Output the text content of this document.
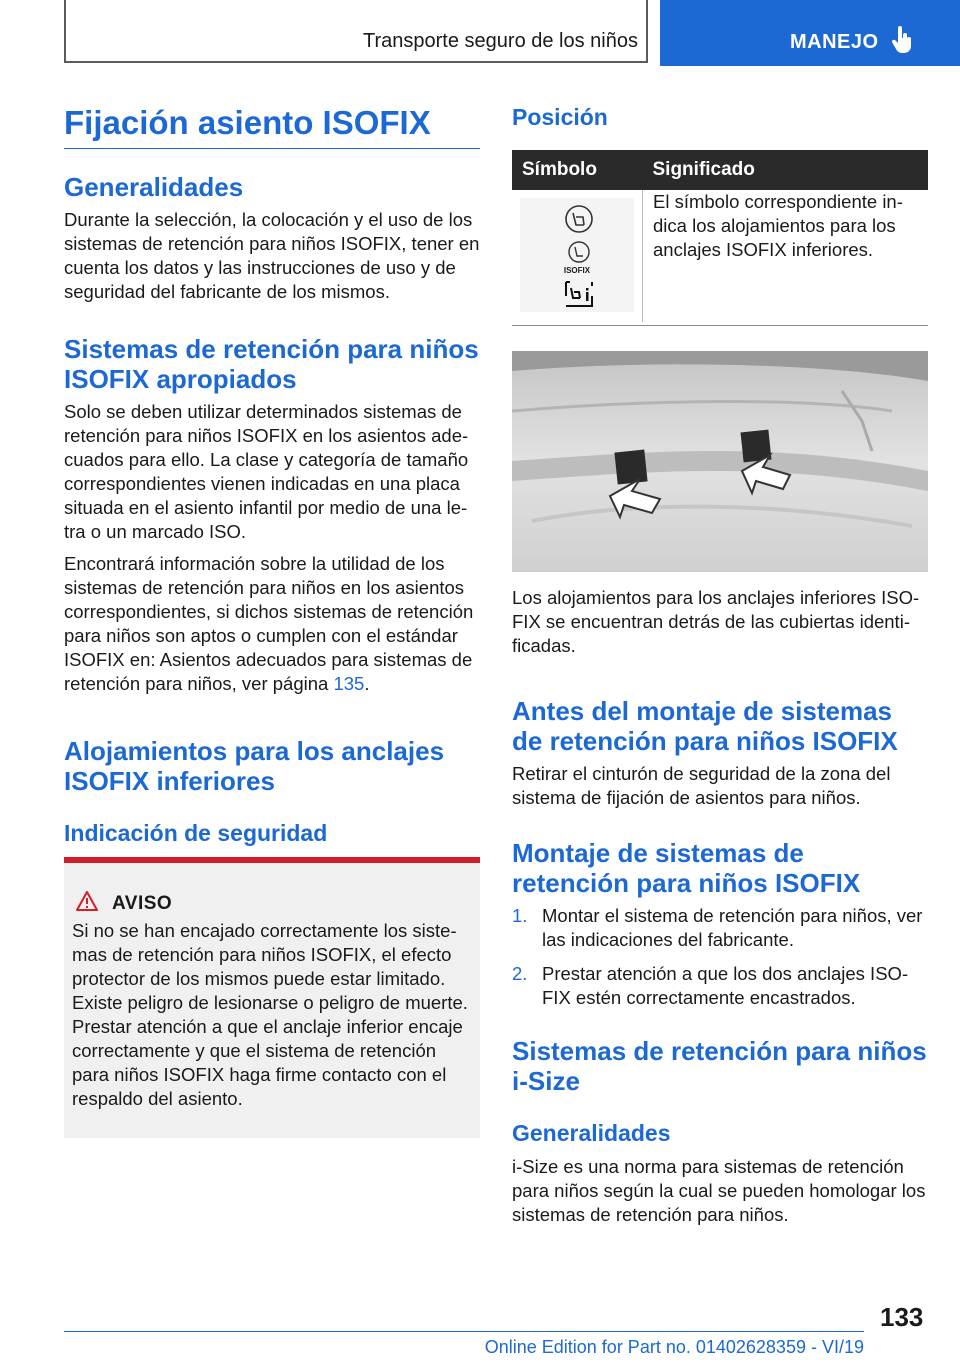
Transporte seguro de los niños	MANEJO
Fijación asiento ISOFIX

Generalidades

Durante la selección, la colocación y el uso de los sistemas de retención para niños ISOFIX, tener en cuenta los datos y las instrucciones de uso y de seguridad del fabricante de los mismos.

Sistemas de retención para niños ISOFIX apropiados

Solo se deben utilizar determinados sistemas de retención para niños ISOFIX en los asientos adecuados para ello. La clase y categoría de tamaño correspondientes vienen indicadas en una placa situada en el asiento infantil por medio de una letra o un marcado ISO.

Encontrará información sobre la utilidad de los sistemas de retención para niños en los asientos correspondientes, si dichos sistemas de retención para niños son aptos o cumplen con el estándar ISOFIX en: Asientos adecuados para sistemas de retención para niños, ver página 135.

Alojamientos para los anclajes ISOFIX inferiores

Indicación de seguridad

AVISO

Si no se han encajado correctamente los sistemas de retención para niños ISOFIX, el efecto protector de los mismos puede estar limitado. Existe peligro de lesionarse o peligro de muerte. Prestar atención a que el anclaje inferior encaje correctamente y que el sistema de retención para niños ISOFIX haga firme contacto con el respaldo del asiento.

Posición

Símbolo	Significado

ISOFIX	El símbolo correspondiente indica los alojamientos para los anclajes ISOFIX inferiores.

Los alojamientos para los anclajes inferiores ISOFIX se encuentran detrás de las cubiertas identificadas.

Antes del montaje de sistemas de retención para niños ISOFIX

Retirar el cinturón de seguridad de la zona del sistema de fijación de asientos para niños.

Montaje de sistemas de retención para niños ISOFIX

1. Montar el sistema de retención para niños, ver las indicaciones del fabricante.

2. Prestar atención a que los dos anclajes ISOFIX estén correctamente encastrados.

Sistemas de retención para niños i-Size

Generalidades

i-Size es una norma para sistemas de retención para niños según la cual se pueden homologar los sistemas de retención para niños.

133
Online Edition for Part no. 01402628359 - VI/19
